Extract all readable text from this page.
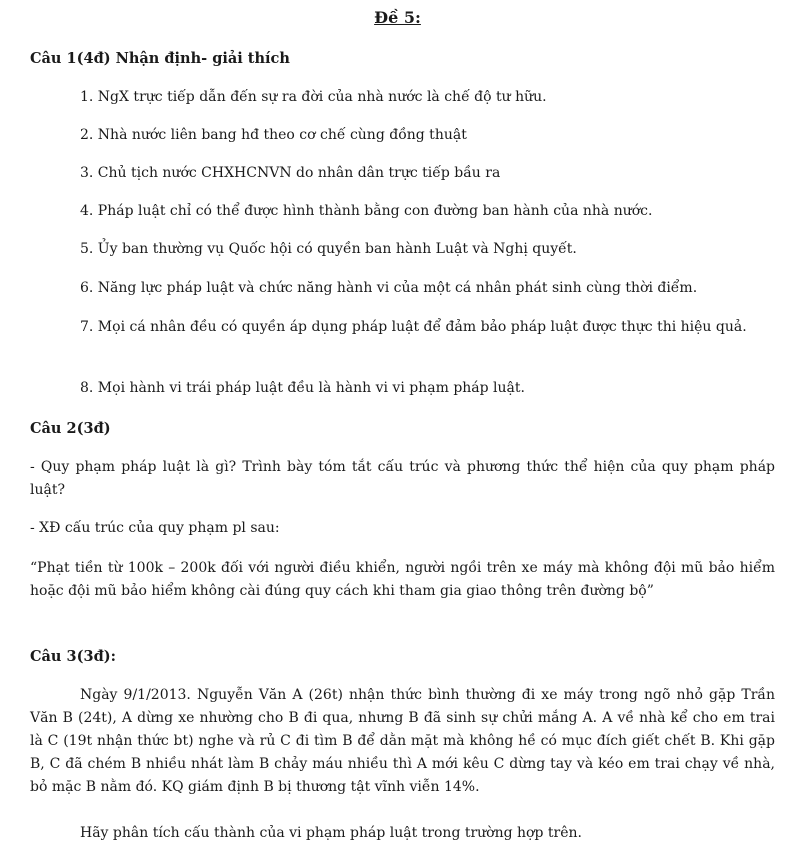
Đề 5:
Câu 1(4đ) Nhận định- giải thích
1. NgX trực tiếp dẫn đến sự ra đời của nhà nước là chế độ tư hữu.
2. Nhà nước liên bang hđ theo cơ chế cùng đồng thuật
3. Chủ tịch nước CHXHCNVN do nhân dân trực tiếp bầu ra
4. Pháp luật chỉ có thể được hình thành bằng con đường ban hành của nhà nước.
5. Ủy ban thường vụ Quốc hội có quyền ban hành Luật và Nghị quyết.
6. Năng lực pháp luật và chức năng hành vi của một cá nhân phát sinh cùng thời điểm.
7. Mọi cá nhân đều có quyền áp dụng pháp luật để đảm bảo pháp luật được thực thi hiệu quả.
8. Mọi hành vi trái pháp luật đều là hành vi vi phạm pháp luật.
Câu 2(3đ)
- Quy phạm pháp luật là gì? Trình bày tóm tắt cấu trúc và phương thức thể hiện của quy phạm pháp luật?
- XĐ cấu trúc của quy phạm pl sau:
“Phạt tiền từ 100k – 200k đối với người điều khiển, người ngồi trên xe máy mà không đội mũ bảo hiểm hoặc đội mũ bảo hiểm không cài đúng quy cách khi tham gia giao thông trên đường bộ”
Câu 3(3đ):
Ngày 9/1/2013. Nguyễn Văn A (26t) nhận thức bình thường đi xe máy trong ngõ nhỏ gặp Trần Văn B (24t), A dừng xe nhường cho B đi qua, nhưng B đã sinh sự chửi mắng A. A về nhà kể cho em trai là C (19t nhận thức bt) nghe và rủ C đi tìm B để dằn mặt mà không hề có mục đích giết chết B. Khi gặp B, C đã chém B nhiều nhát làm B chảy máu nhiều thì A mới kêu C dừng tay và kéo em trai chạy về nhà, bỏ mặc B nằm đó. KQ giám định B bị thương tật vĩnh viễn 14%.
Hãy phân tích cấu thành của vi phạm pháp luật trong trường hợp trên.
